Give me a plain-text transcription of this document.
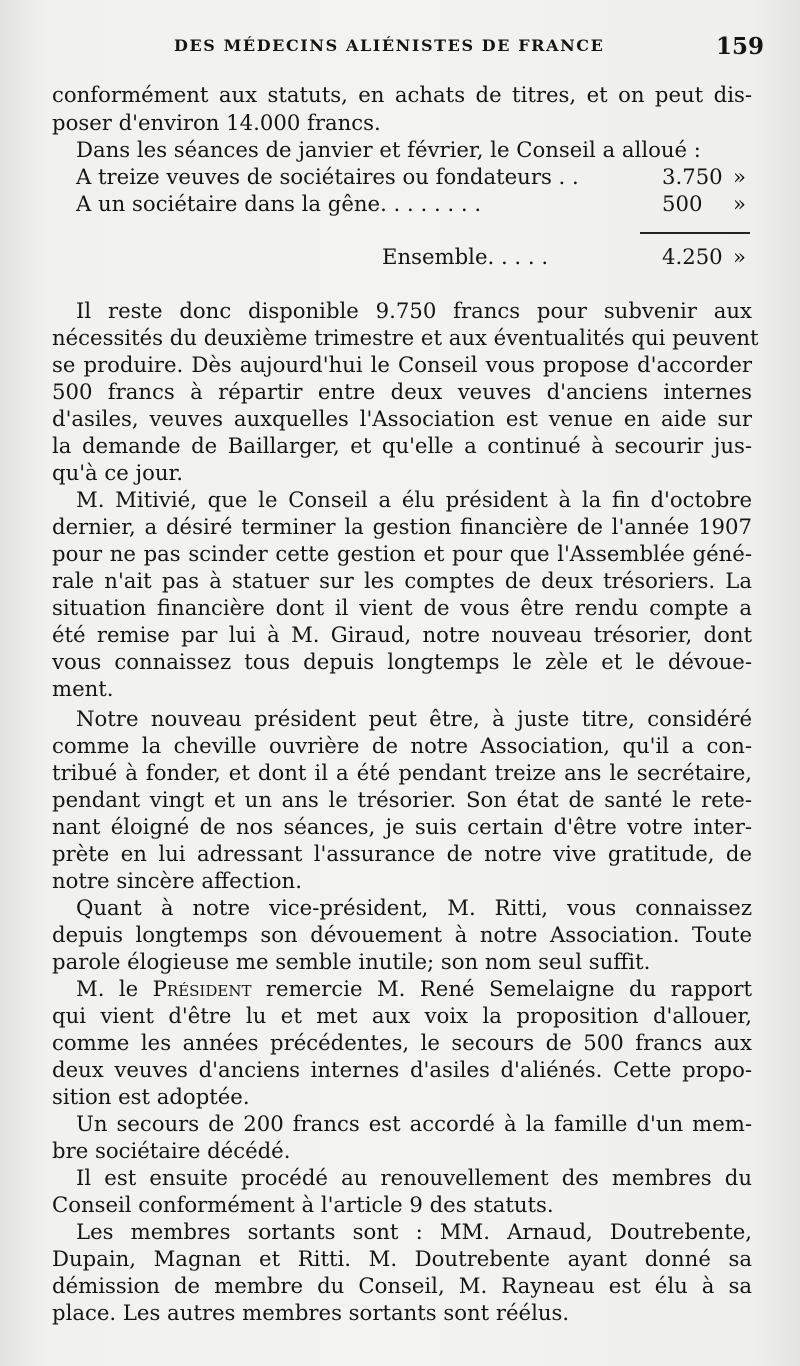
DES MÉDECINS ALIÉNISTES DE FRANCE	159
conformément aux statuts, en achats de titres, et on peut dis-
poser d'environ 14.000 francs.
Dans les séances de janvier et février, le Conseil a alloué :
A treize veuves de sociétaires ou fondateurs . .	3.750 »
A un sociétaire dans la gêne. . . . . . . .	500 »
Ensemble. . . . .	4.250 »
Il reste donc disponible 9.750 francs pour subvenir aux
nécessités du deuxième trimestre et aux éventualités qui peuvent
se produire. Dès aujourd'hui le Conseil vous propose d'accorder
500 francs à répartir entre deux veuves d'anciens internes
d'asiles, veuves auxquelles l'Association est venue en aide sur
la demande de Baillarger, et qu'elle a continué à secourir jus-
qu'à ce jour.
M. Mitivié, que le Conseil a élu président à la fin d'octobre
dernier, a désiré terminer la gestion financière de l'année 1907
pour ne pas scinder cette gestion et pour que l'Assemblée géné-
rale n'ait pas à statuer sur les comptes de deux trésoriers. La
situation financière dont il vient de vous être rendu compte a
été remise par lui à M. Giraud, notre nouveau trésorier, dont
vous connaissez tous depuis longtemps le zèle et le dévoue-
ment.
Notre nouveau président peut être, à juste titre, considéré
comme la cheville ouvrière de notre Association, qu'il a con-
tribué à fonder, et dont il a été pendant treize ans le secrétaire,
pendant vingt et un ans le trésorier. Son état de santé le rete-
nant éloigné de nos séances, je suis certain d'être votre inter-
prète en lui adressant l'assurance de notre vive gratitude, de
notre sincère affection.
Quant à notre vice-président, M. Ritti, vous connaissez
depuis longtemps son dévouement à notre Association. Toute
parole élogieuse me semble inutile; son nom seul suffit.
M. le Président remercie M. René Semelaigne du rapport
qui vient d'être lu et met aux voix la proposition d'allouer,
comme les années précédentes, le secours de 500 francs aux
deux veuves d'anciens internes d'asiles d'aliénés. Cette propo-
sition est adoptée.
Un secours de 200 francs est accordé à la famille d'un mem-
bre sociétaire décédé.
Il est ensuite procédé au renouvellement des membres du
Conseil conformément à l'article 9 des statuts.
Les membres sortants sont : MM. Arnaud, Doutrebente,
Dupain, Magnan et Ritti. M. Doutrebente ayant donné sa
démission de membre du Conseil, M. Rayneau est élu à sa
place. Les autres membres sortants sont réélus.
